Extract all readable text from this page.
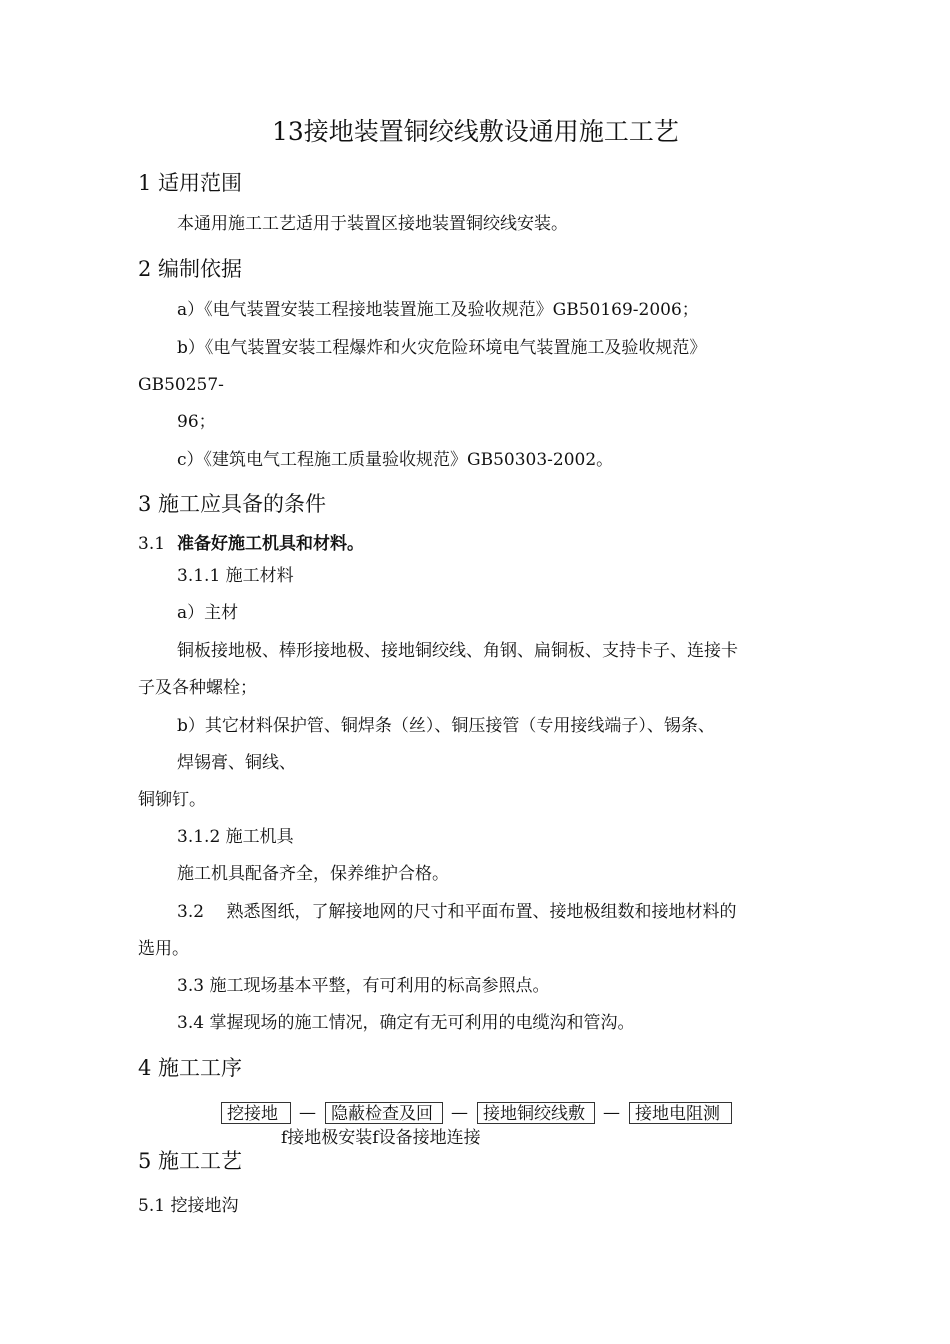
13接地装置铜绞线敷设通用施工工艺
1 适用范围
本通用施工工艺适用于装置区接地装置铜绞线安装。
2 编制依据
a）《电气装置安装工程接地装置施工及验收规范》GB50169-2006；
b）《电气装置安装工程爆炸和火灾危险环境电气装置施工及验收规范》
GB50257-
96；
c）《建筑电气工程施工质量验收规范》GB50303-2002。
3 施工应具备的条件
3.1 准备好施工机具和材料。
3.1.1 施工材料
a）主材
铜板接地极、棒形接地极、接地铜绞线、角钢、扁铜板、支持卡子、连接卡
子及各种螺栓；
b）其它材料保护管、铜焊条（丝）、铜压接管（专用接线端子）、锡条、
焊锡膏、铜线、
铜铆钉。
3.1.2 施工机具
施工机具配备齐全，保养维护合格。
3.2　 熟悉图纸，了解接地网的尺寸和平面布置、接地极组数和接地材料的
选用。
3.3 施工现场基本平整，有可利用的标高参照点。
3.4 掌握现场的施工情况，确定有无可利用的电缆沟和管沟。
4 施工工序
挖接地	— 隐蔽检查及回	— 接地铜绞线敷	— 接地电阻测
f接地极安装f设备接地连接
5 施工工艺
5.1 挖接地沟
